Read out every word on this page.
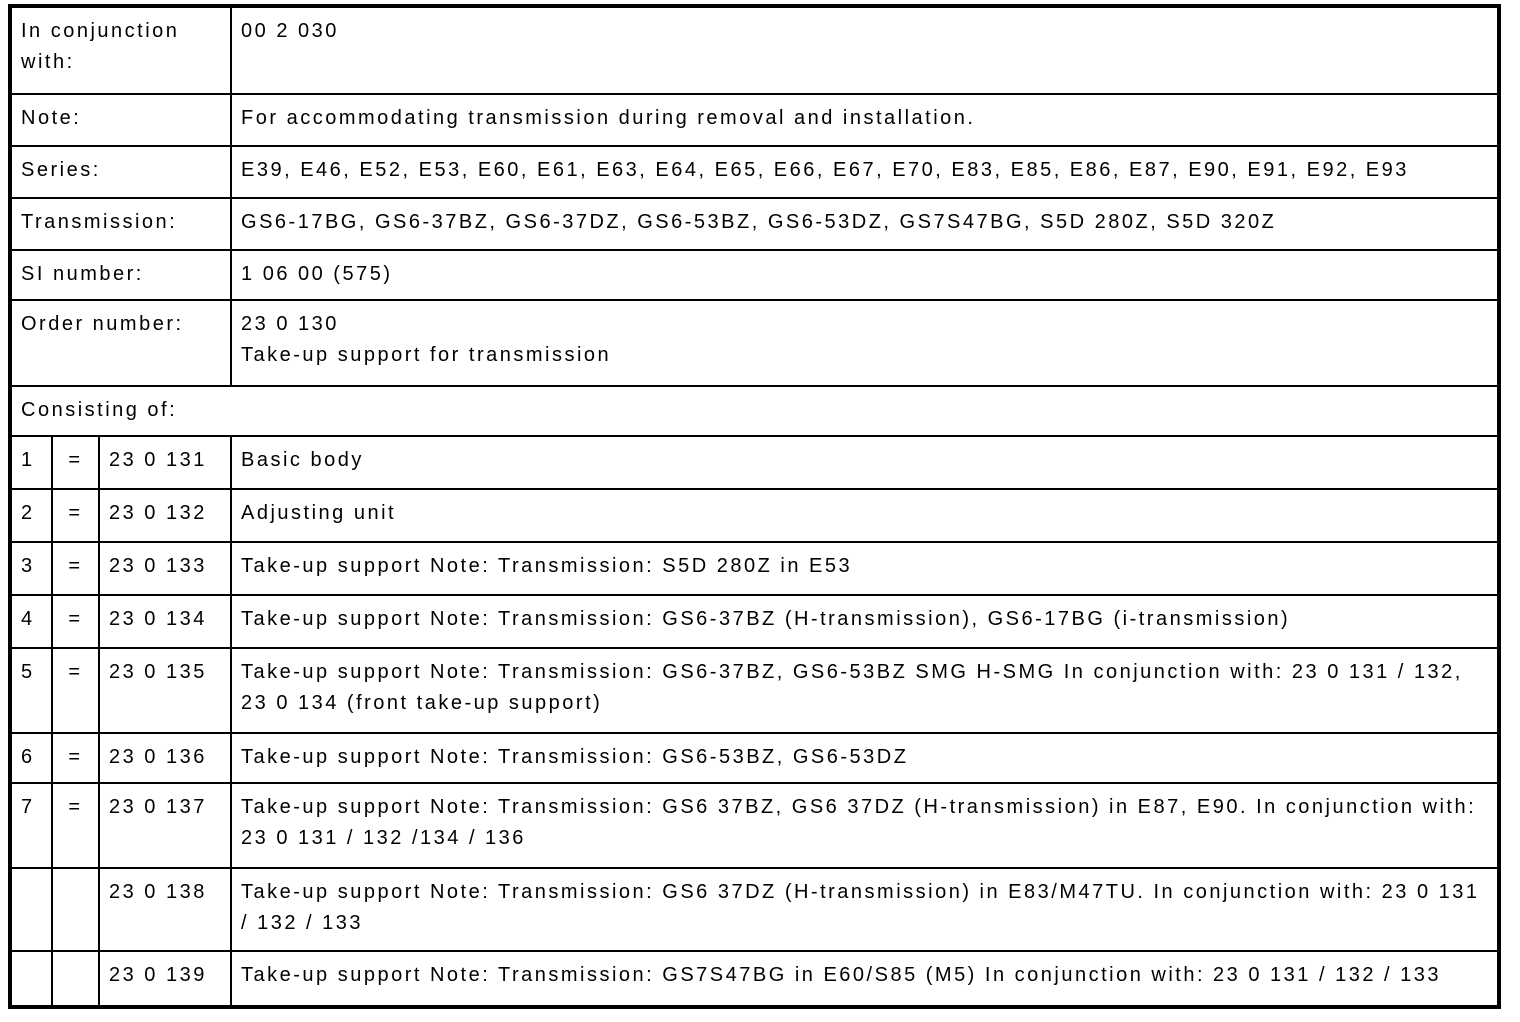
In conjunction with:			00 2 030
Note:			For accommodating transmission during removal and installation.
Series:			E39, E46, E52, E53, E60, E61, E63, E64, E65, E66, E67, E70, E83, E85, E86, E87, E90, E91, E92, E93
Transmission:			GS6-17BG, GS6-37BZ, GS6-37DZ, GS6-53BZ, GS6-53DZ, GS7S47BG, S5D 280Z, S5D 320Z
SI number:			1 06 00 (575)
Order number:			23 0 130
Take-up support for transmission

Consisting of:			
1	=	23 0 131	Basic body
2	=	23 0 132	Adjusting unit
3	=	23 0 133	Take-up support Note: Transmission: S5D 280Z in E53
4	=	23 0 134	Take-up support Note: Transmission: GS6-37BZ (H-transmission), GS6-17BG (i-transmission)
5	=	23 0 135	Take-up support Note: Transmission: GS6-37BZ, GS6-53BZ SMG H-SMG In conjunction with: 23 0 131 / 132, 23 0 134 (front take-up support)
6	=	23 0 136	Take-up support Note: Transmission: GS6-53BZ, GS6-53DZ
7	=	23 0 137	Take-up support Note: Transmission: GS6 37BZ, GS6 37DZ (H-transmission) in E87, E90. In conjunction with: 23 0 131 / 132 /134 / 136
		23 0 138	Take-up support Note: Transmission: GS6 37DZ (H-transmission) in E83/M47TU. In conjunction with: 23 0 131 / 132 / 133
		23 0 139	Take-up support Note: Transmission: GS7S47BG in E60/S85 (M5) In conjunction with: 23 0 131 / 132 / 133
